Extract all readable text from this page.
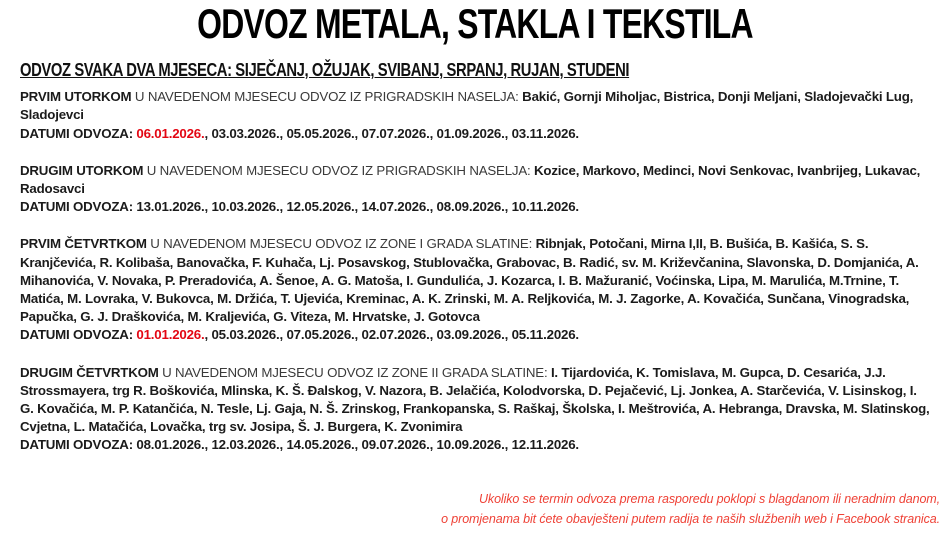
ODVOZ METALA, STAKLA I TEKSTILA
ODVOZ SVAKA DVA MJESECA: SIJEČANJ, OŽUJAK, SVIBANJ, SRPANJ, RUJAN, STUDENI

PRVIM UTORKOM U NAVEDENOM MJESECU ODVOZ IZ PRIGRADSKIH NASELJA: Bakić, Gornji Miholjac, Bistrica, Donji Meljani, Sladojevački Lug, Sladojevci

DATUMI ODVOZA: 06.01.2026., 03.03.2026., 05.05.2026., 07.07.2026., 01.09.2026., 03.11.2026.

DRUGIM UTORKOM U NAVEDENOM MJESECU ODVOZ IZ PRIGRADSKIH NASELJA: Kozice, Markovo, Medinci, Novi Senkovac, Ivanbrijeg, Lukavac, Radosavci

DATUMI ODVOZA: 13.01.2026., 10.03.2026., 12.05.2026., 14.07.2026., 08.09.2026., 10.11.2026.

PRVIM ČETVRTKOM U NAVEDENOM MJESECU ODVOZ IZ ZONE I GRADA SLATINE: Ribnjak, Potočani, Mirna I,II, B. Bušića, B. Kašića, S. S. Kranjčevića, R. Kolibaša, Banovačka, F. Kuhača, Lj. Posavskog, Stublovačka, Grabovac, B. Radić, sv. M. Križevčanina, Slavonska, D. Domjanića, A. Mihanovića, V. Novaka, P. Preradovića, A. Šenoe, A. G. Matoša, I. Gundulića, J. Kozarca, I. B. Mažuranić, Voćinska, Lipa, M. Marulića, M.Trnine, T. Matića, M. Lovraka, V. Bukovca, M. Držića, T. Ujevića, Kreminac, A. K. Zrinski, M. A. Reljkovića, M. J. Zagorke, A. Kovačića, Sunčana, Vinogradska, Papučka, G. J. Draškovića, M. Kraljevića, G. Viteza, M. Hrvatske, J. Gotovca

DATUMI ODVOZA: 01.01.2026., 05.03.2026., 07.05.2026., 02.07.2026., 03.09.2026., 05.11.2026.

DRUGIM ČETVRTKOM U NAVEDENOM MJESECU ODVOZ IZ ZONE II GRADA SLATINE: I. Tijardovića, K. Tomislava, M. Gupca, D. Cesarića, J.J. Strossmayera, trg R. Boškovića, Mlinska, K. Š. Đalskog, V. Nazora, B. Jelačića, Kolodvorska, D. Pejačević, Lj. Jonkea, A. Starčevića, V. Lisinskog, I. G. Kovačića, M. P. Katančića, N. Tesle, Lj. Gaja, N. Š. Zrinskog, Frankopanska, S. Raškaj, Školska, I. Meštrovića, A. Hebranga, Dravska, M. Slatinskog, Cvjetna, L. Matačića, Lovačka, trg sv. Josipa, Š. J. Burgera, K. Zvonimira

DATUMI ODVOZA: 08.01.2026., 12.03.2026., 14.05.2026., 09.07.2026., 10.09.2026., 12.11.2026.

Ukoliko se termin odvoza prema rasporedu poklopi s blagdanom ili neradnim danom,

o promjenama bit ćete obavješteni putem radija te naših službenih web i Facebook stranica.
